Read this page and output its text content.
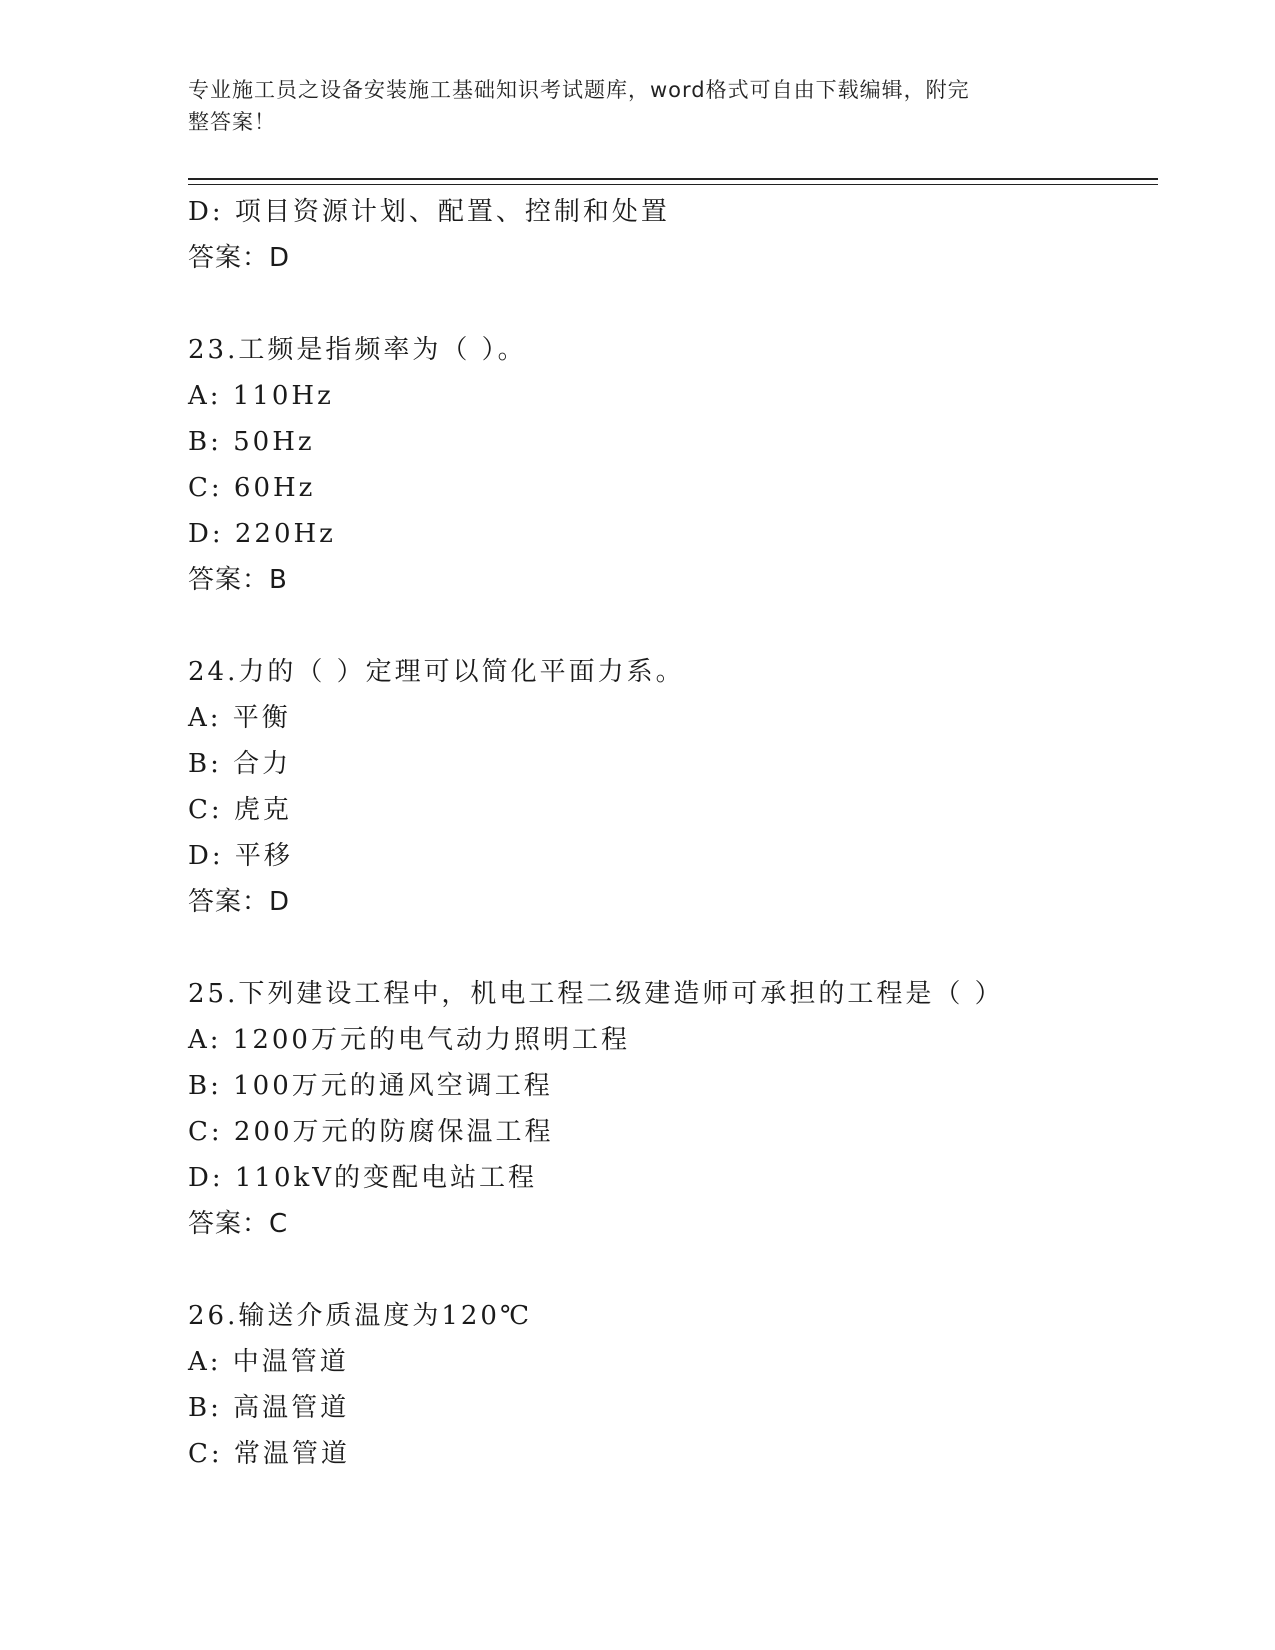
专业施工员之设备安装施工基础知识考试题库，word格式可自由下载编辑，附完
整答案！
D: 项目资源计划、配置、控制和处置
答案：D
23.工频是指频率为（ ）。
A: 110Hz
B: 50Hz
C: 60Hz
D: 220Hz
答案：B
24.力的（ ）定理可以简化平面力系。
A: 平衡
B: 合力
C: 虎克
D: 平移
答案：D
25.下列建设工程中，机电工程二级建造师可承担的工程是（ ）
A: 1200万元的电气动力照明工程
B: 100万元的通风空调工程
C: 200万元的防腐保温工程
D: 110kV的变配电站工程
答案：C
26.输送介质温度为120℃
A: 中温管道
B: 高温管道
C: 常温管道
